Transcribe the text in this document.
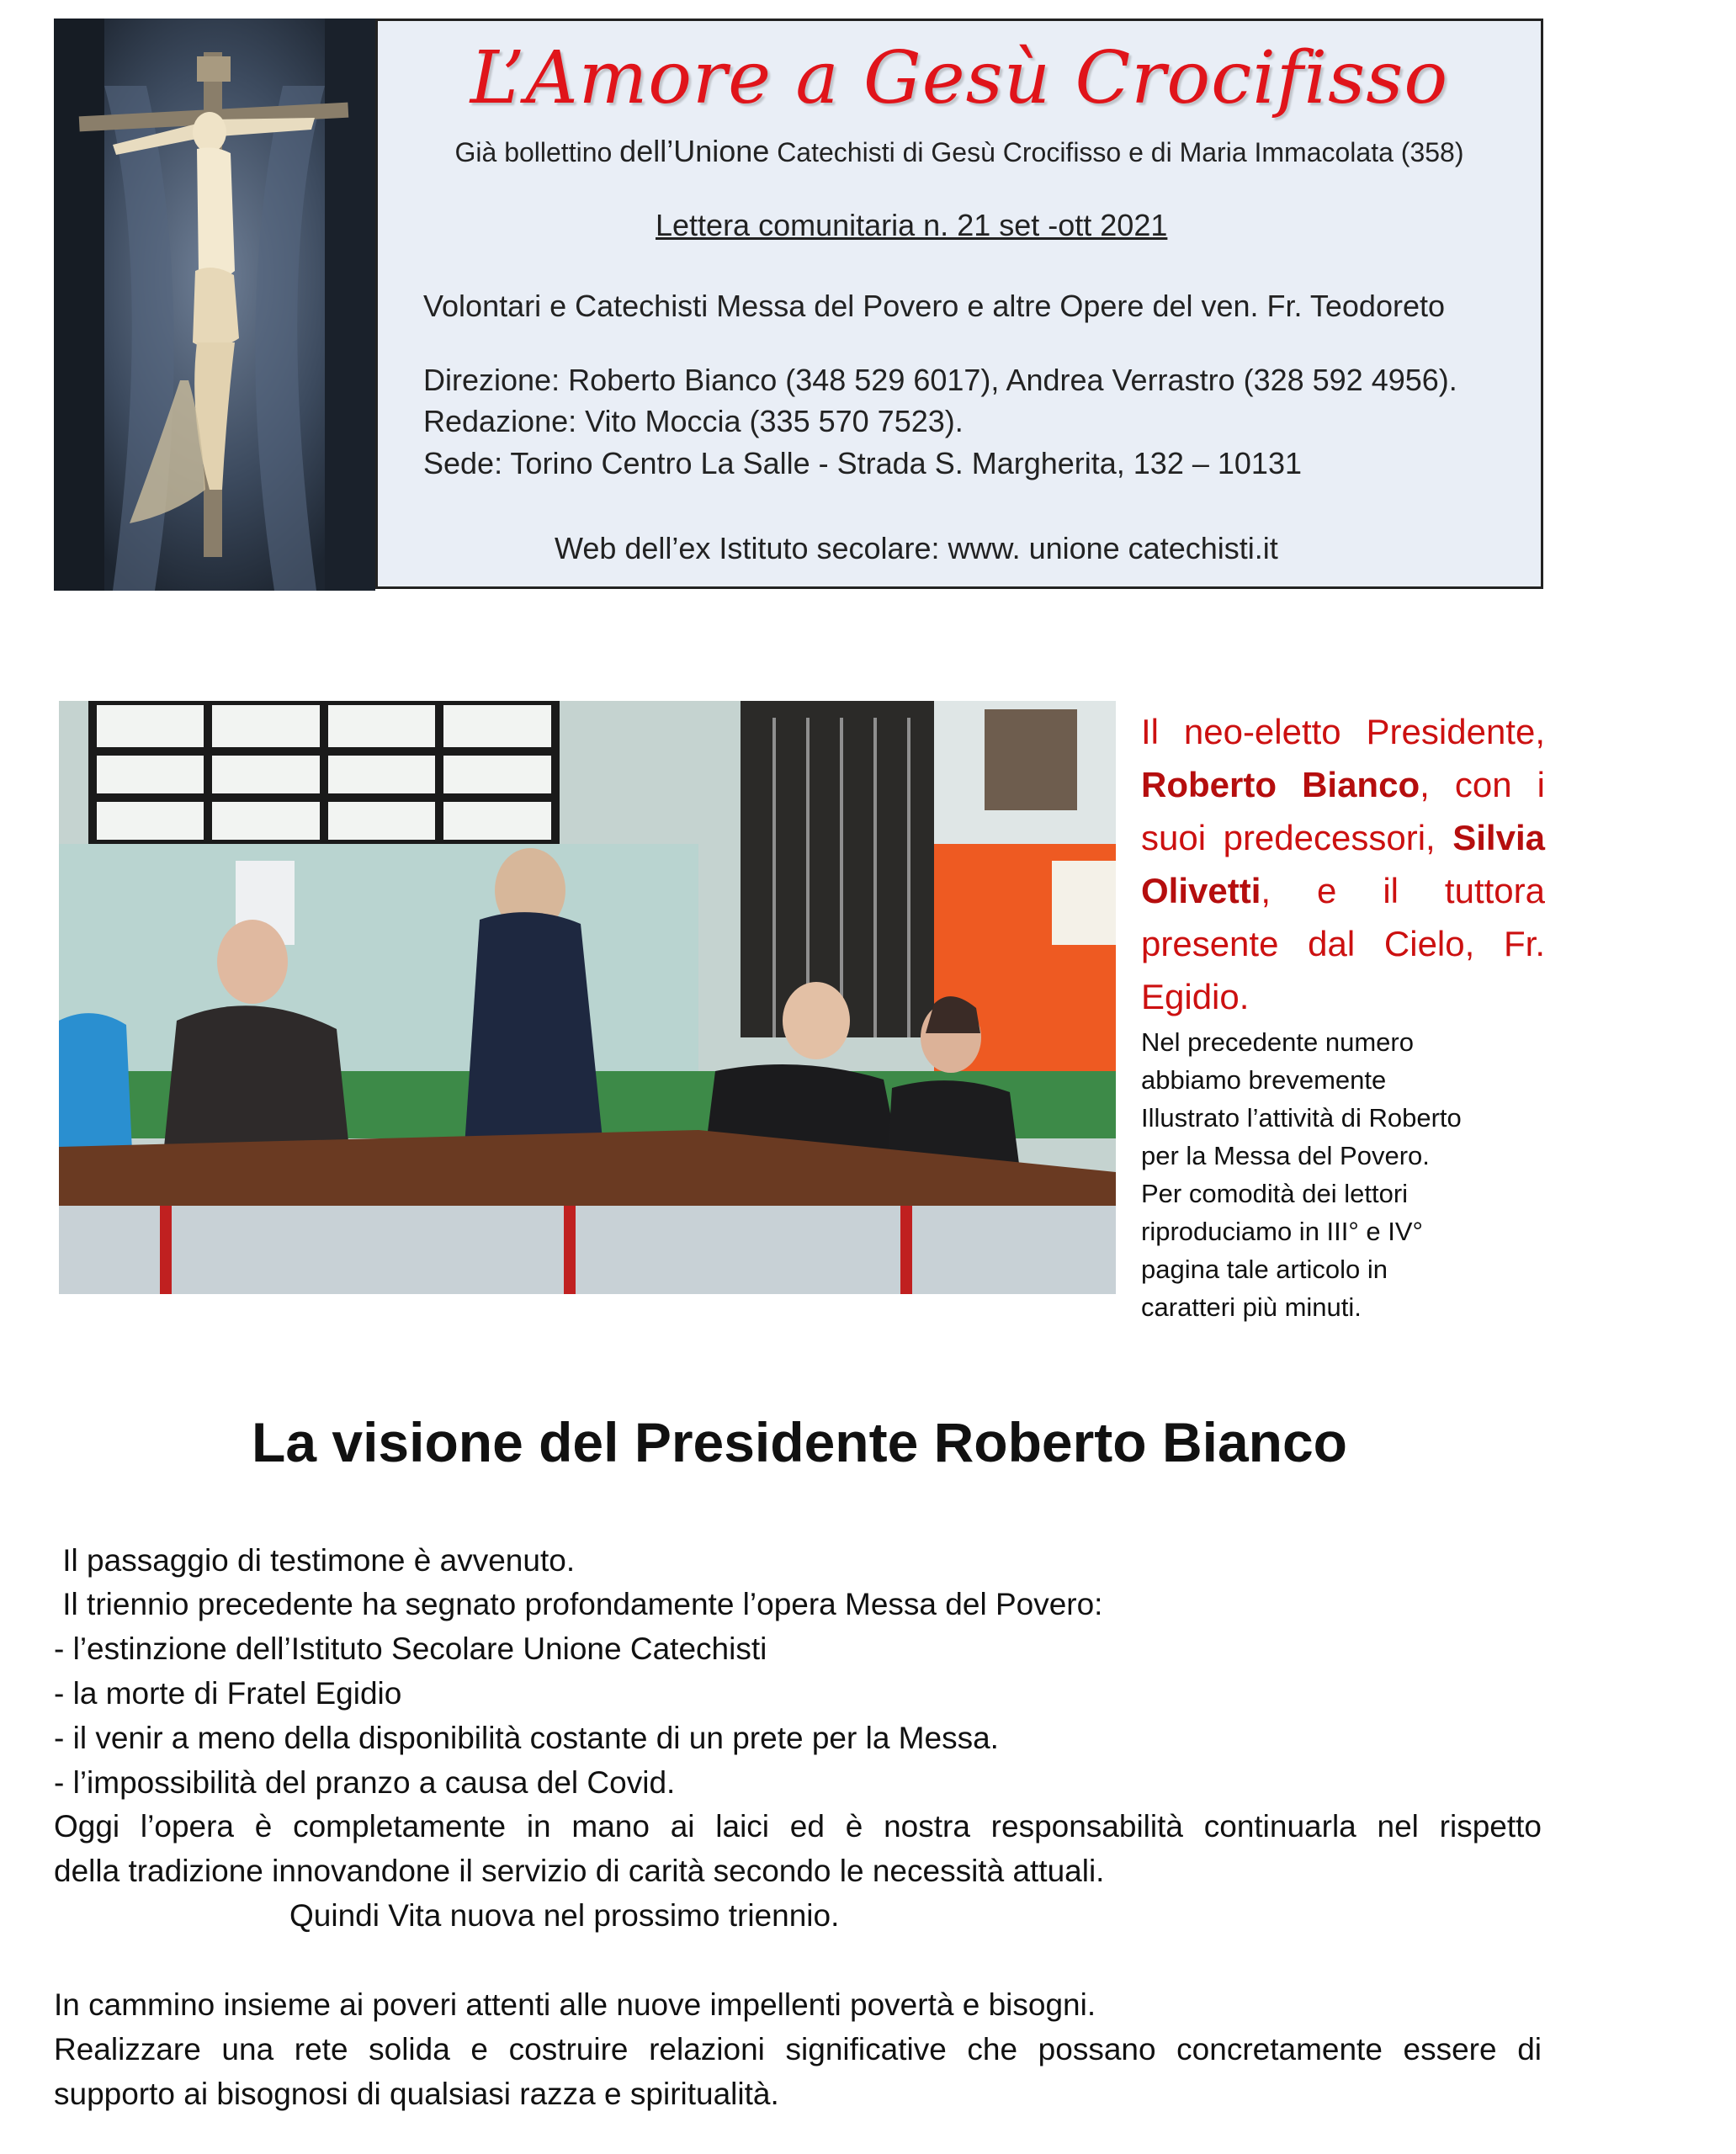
L’Amore a Gesù Crocifisso
Già bollettino dell’Unione Catechisti di Gesù Crocifisso e di Maria Immacolata (358)
Lettera comunitaria n. 21 set -ott 2021
Volontari e Catechisti Messa del Povero e altre Opere del ven. Fr. Teodoreto
Direzione: Roberto Bianco (348 529 6017), Andrea Verrastro (328 592 4956).
Redazione: Vito Moccia (335 570 7523).
Sede: Torino Centro La Salle - Strada S. Margherita, 132 – 10131
Web dell’ex Istituto secolare: www. unione catechisti.it
Il neo-eletto Presidente, Roberto Bianco, con i suoi predecessori, Silvia Olivetti, e il tuttora presente dal Cielo, Fr. Egidio.
Nel precedente numero
abbiamo brevemente
Illustrato l’attività di Roberto
per la Messa del Povero.
Per comodità dei lettori
riproduciamo in III° e IV°
pagina tale articolo in
caratteri più minuti.
La visione del Presidente Roberto Bianco
Il passaggio di testimone è avvenuto.
Il triennio precedente ha segnato profondamente l’opera Messa del Povero:
- l’estinzione dell’Istituto Secolare Unione Catechisti
- la morte di Fratel Egidio
- il venir a meno della disponibilità costante di un prete per la Messa.
- l’impossibilità del pranzo a causa del Covid.
Oggi l’opera è completamente in mano ai laici ed è nostra responsabilità continuarla nel rispetto
della tradizione innovandone il servizio di carità secondo le necessità attuali.
Quindi Vita nuova nel prossimo triennio.
In cammino insieme ai poveri attenti alle nuove impellenti povertà e bisogni.
Realizzare una rete solida e costruire relazioni significative che possano concretamente essere di
supporto ai bisognosi di qualsiasi razza e spiritualità.
